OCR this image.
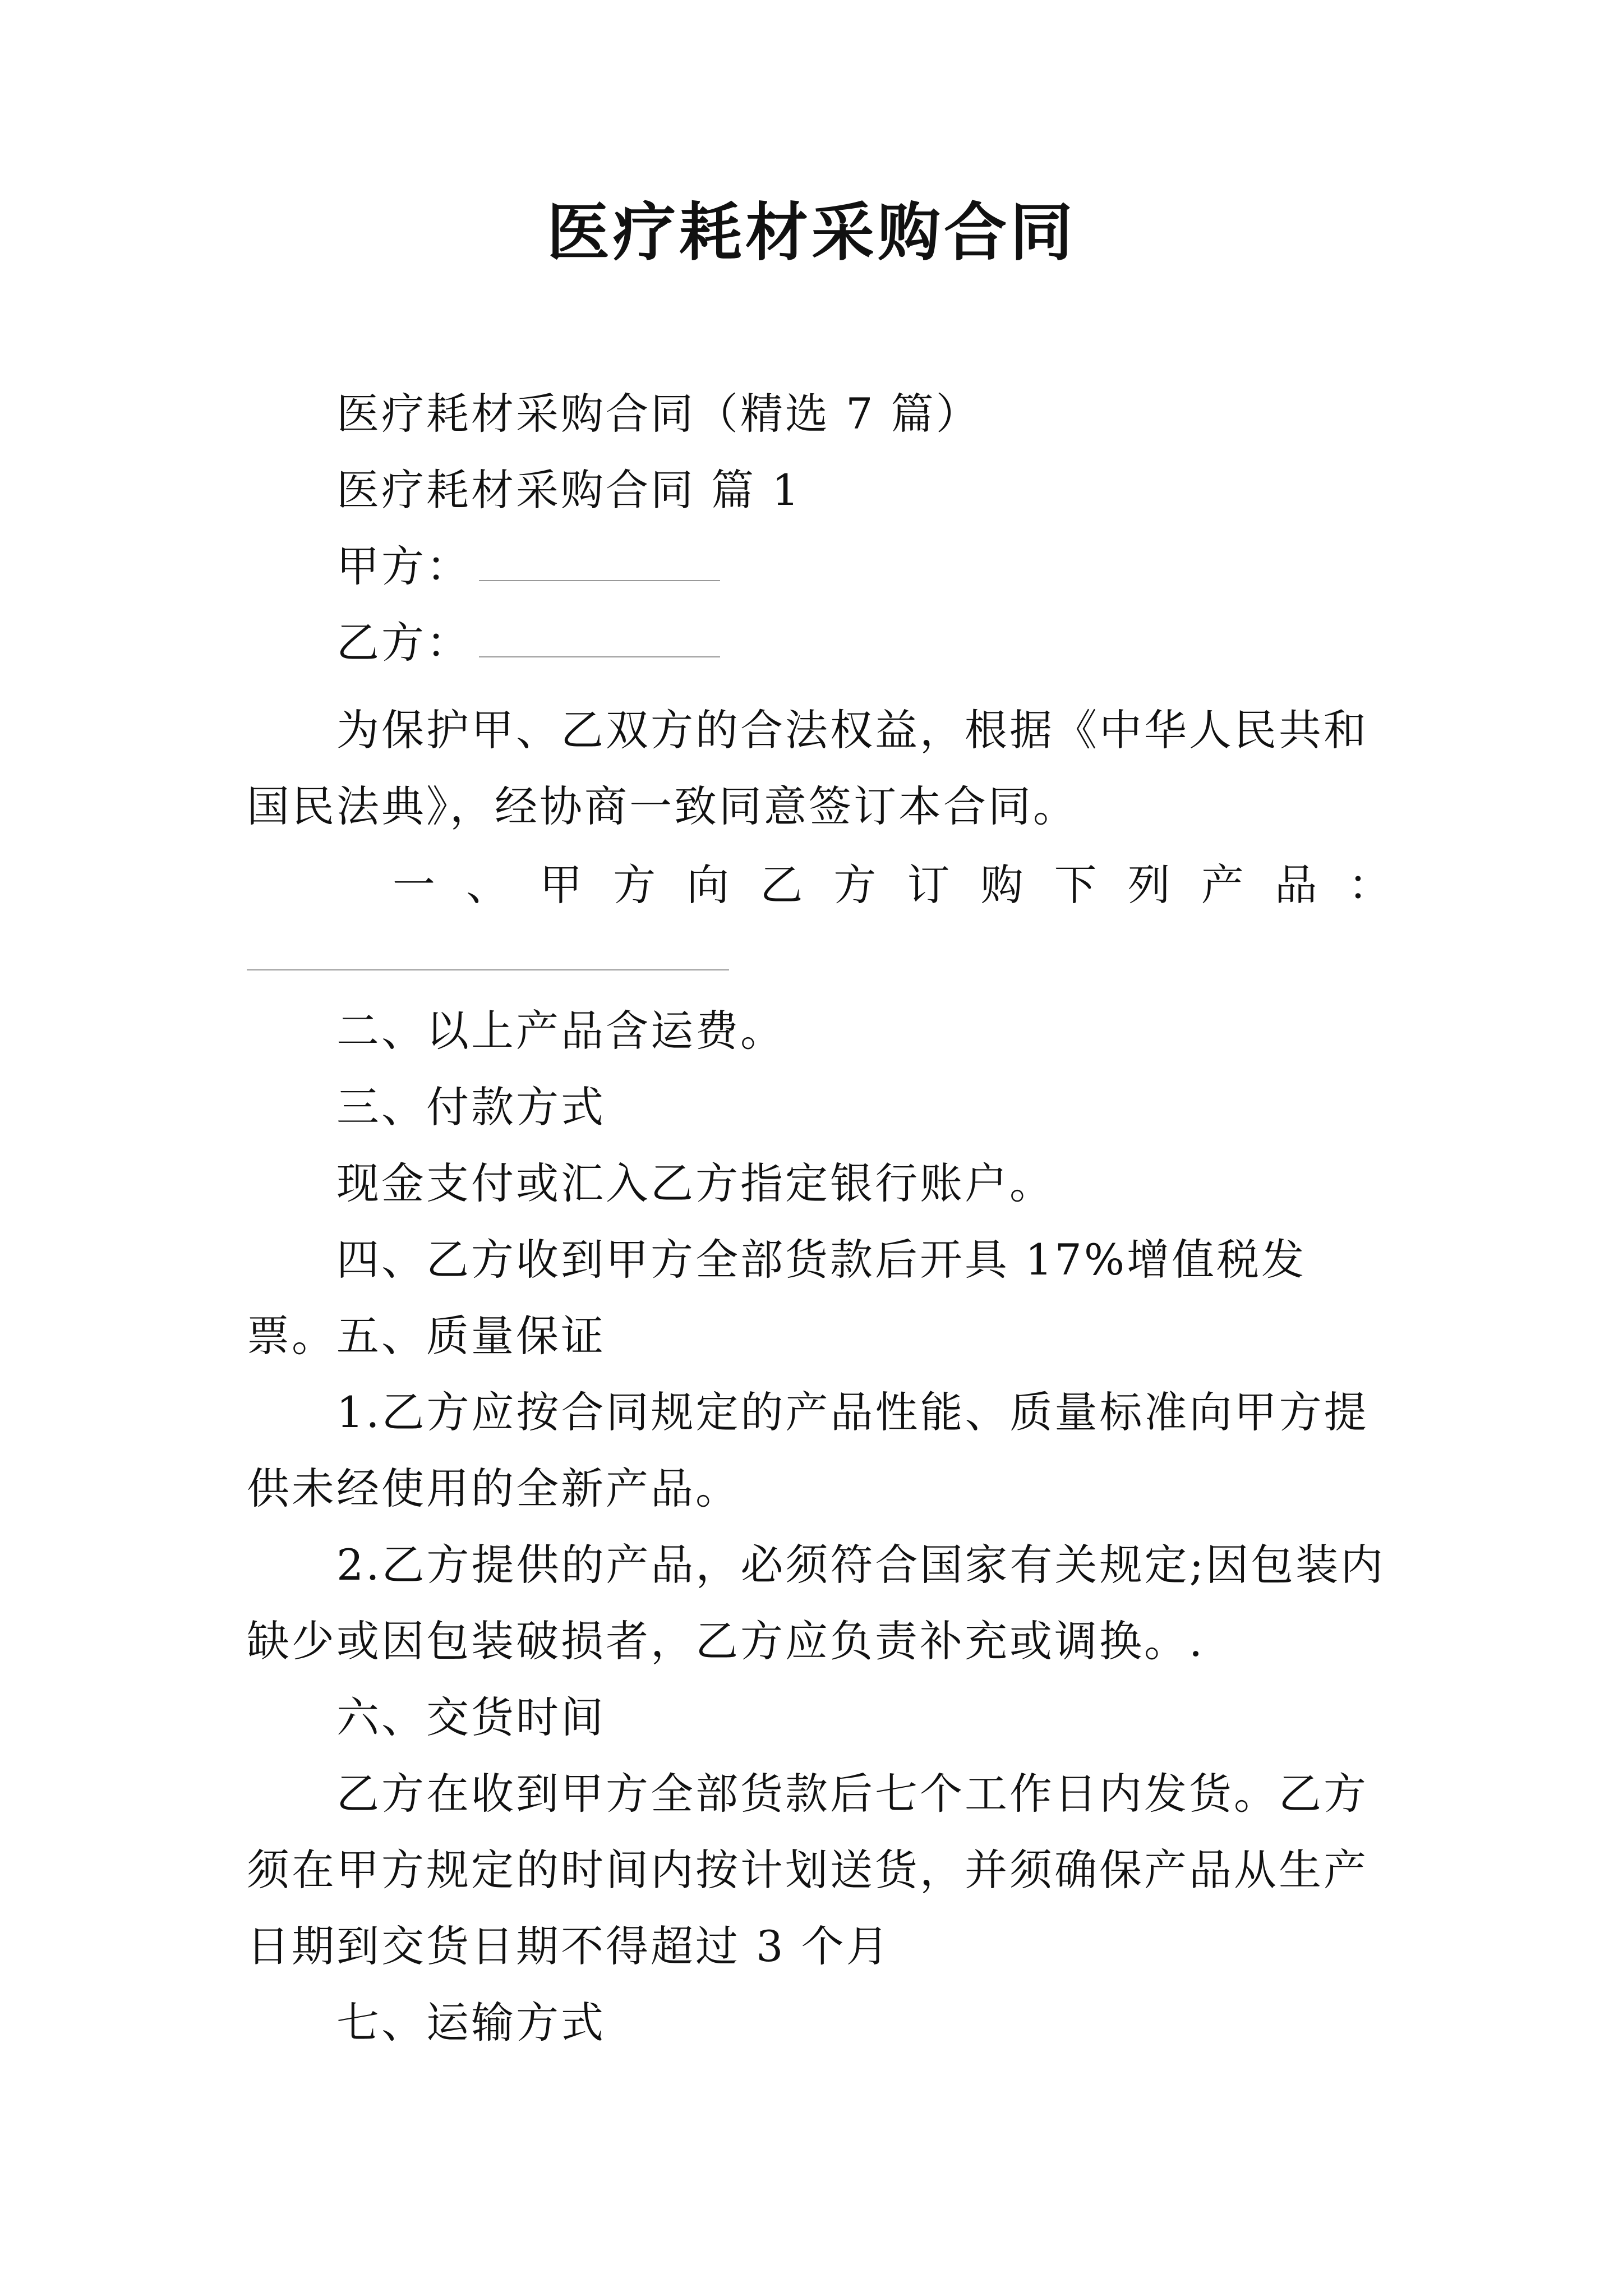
医疗耗材采购合同

医疗耗材采购合同（精选 7 篇）

医疗耗材采购合同 篇 1

甲方：

乙方：

为保护甲、乙双方的合法权益，根据《中华人民共和国民法典》，经协商一致同意签订本合同。

一 、 甲 方 向 乙 方 订 购 下 列 产 品 ：

二、以上产品含运费。

三、付款方式

现金支付或汇入乙方指定银行账户。

四、乙方收到甲方全部货款后开具 17%增值税发票。 五、质量保证

1.乙方应按合同规定的产品性能、质量标准向甲方提供未经使用的全新产品。

2.乙方提供的产品，必须符合国家有关规定;因包装内缺少或因包装破损者，乙方应负责补充或调换。.

六、交货时间

乙方在收到甲方全部货款后七个工作日内发货。乙方须在甲方规定的时间内按计划送货，并须确保产品从生产日期到交货日期不得超过 3 个月

七、运输方式
